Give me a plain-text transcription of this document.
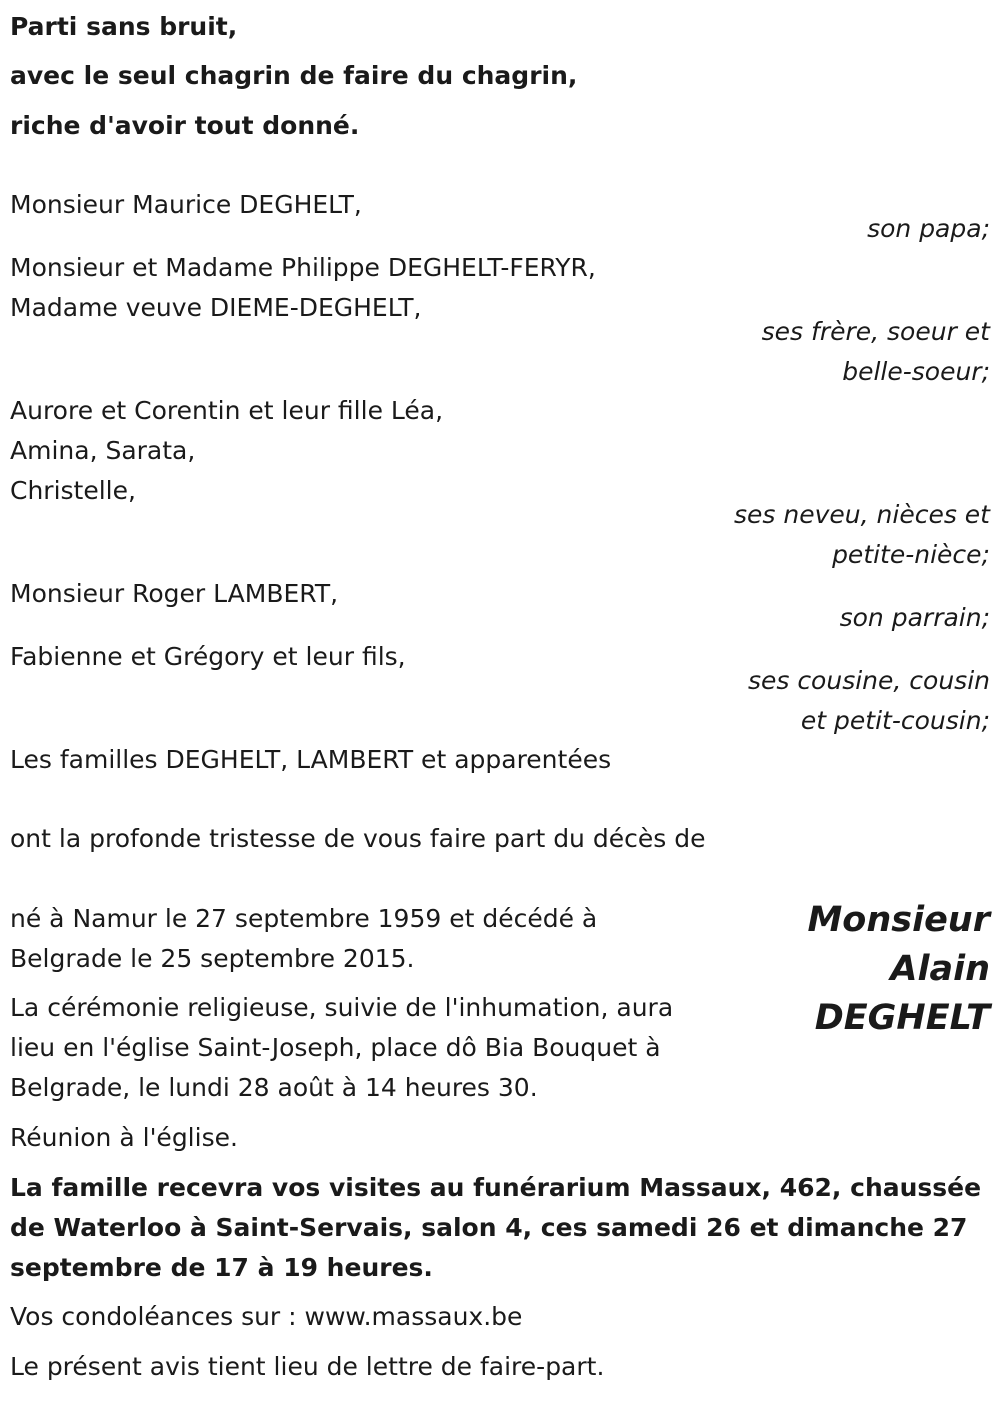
Parti sans bruit,

avec le seul chagrin de faire du chagrin,

riche d'avoir tout donné.

Monsieur Maurice DEGHELT,

son papa;

Monsieur et Madame Philippe DEGHELT-FERYR,

Madame veuve DIEME-DEGHELT,

ses frère, soeur et

belle-soeur;

Aurore et Corentin et leur fille Léa,

Amina, Sarata,

Christelle,

ses neveu, nièces et

petite-nièce;

Monsieur Roger LAMBERT,

son parrain;

Fabienne et Grégory et leur fils,

ses cousine, cousin

et petit-cousin;

Les familles DEGHELT, LAMBERT et apparentées

ont la profonde tristesse de vous faire part du décès de

Monsieur
Alain
DEGHELT

né à Namur le 27 septembre 1959 et décédé à

Belgrade le 25 septembre 2015.

La cérémonie religieuse, suivie de l'inhumation, aura

lieu en l'église Saint-Joseph, place dô Bia Bouquet à

Belgrade, le lundi 28 août à 14 heures 30.

Réunion à l'église.

La famille recevra vos visites au funérarium Massaux, 462, chaussée

de Waterloo à Saint-Servais, salon 4, ces samedi 26 et dimanche 27

septembre de 17 à 19 heures.

Vos condoléances sur : www.massaux.be

Le présent avis tient lieu de lettre de faire-part.
